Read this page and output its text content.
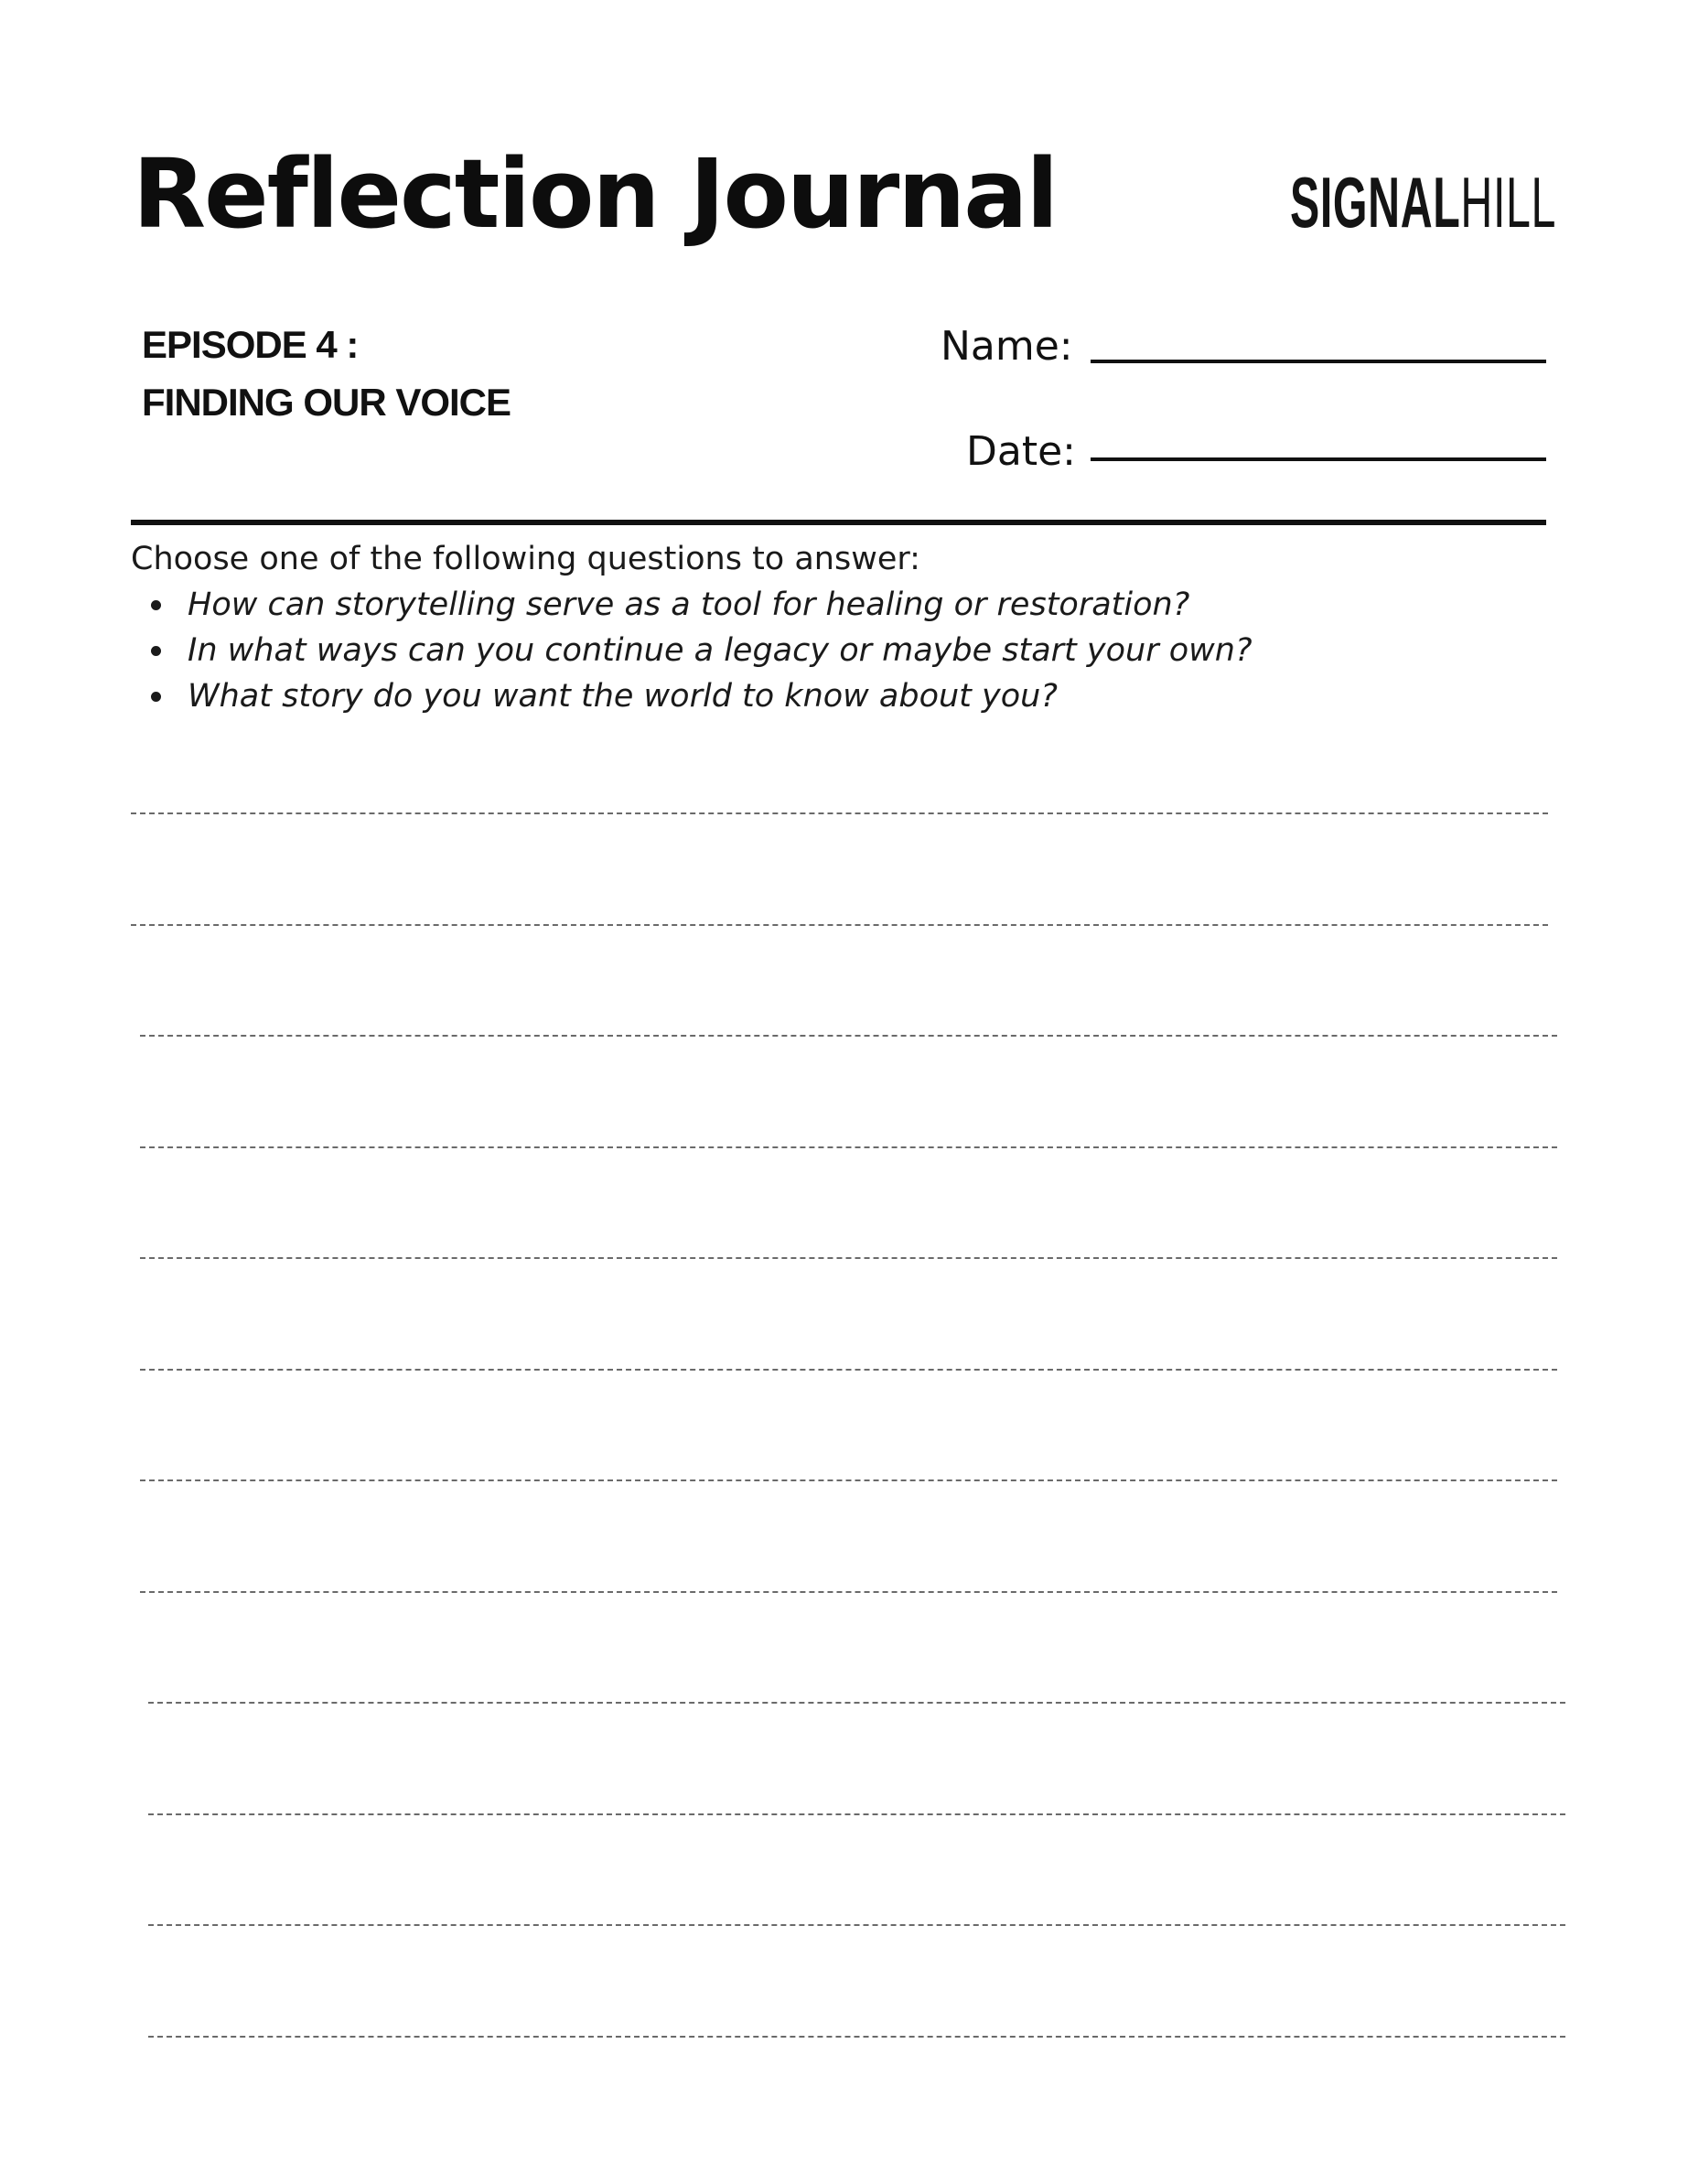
Reflection Journal	SIGNALHILL
EPISODE 4 :
FINDING OUR VOICE
Name:
Date:
Choose one of the following questions to answer:
How can storytelling serve as a tool for healing or restoration?
In what ways can you continue a legacy or maybe start your own?
What story do you want the world to know about you?
